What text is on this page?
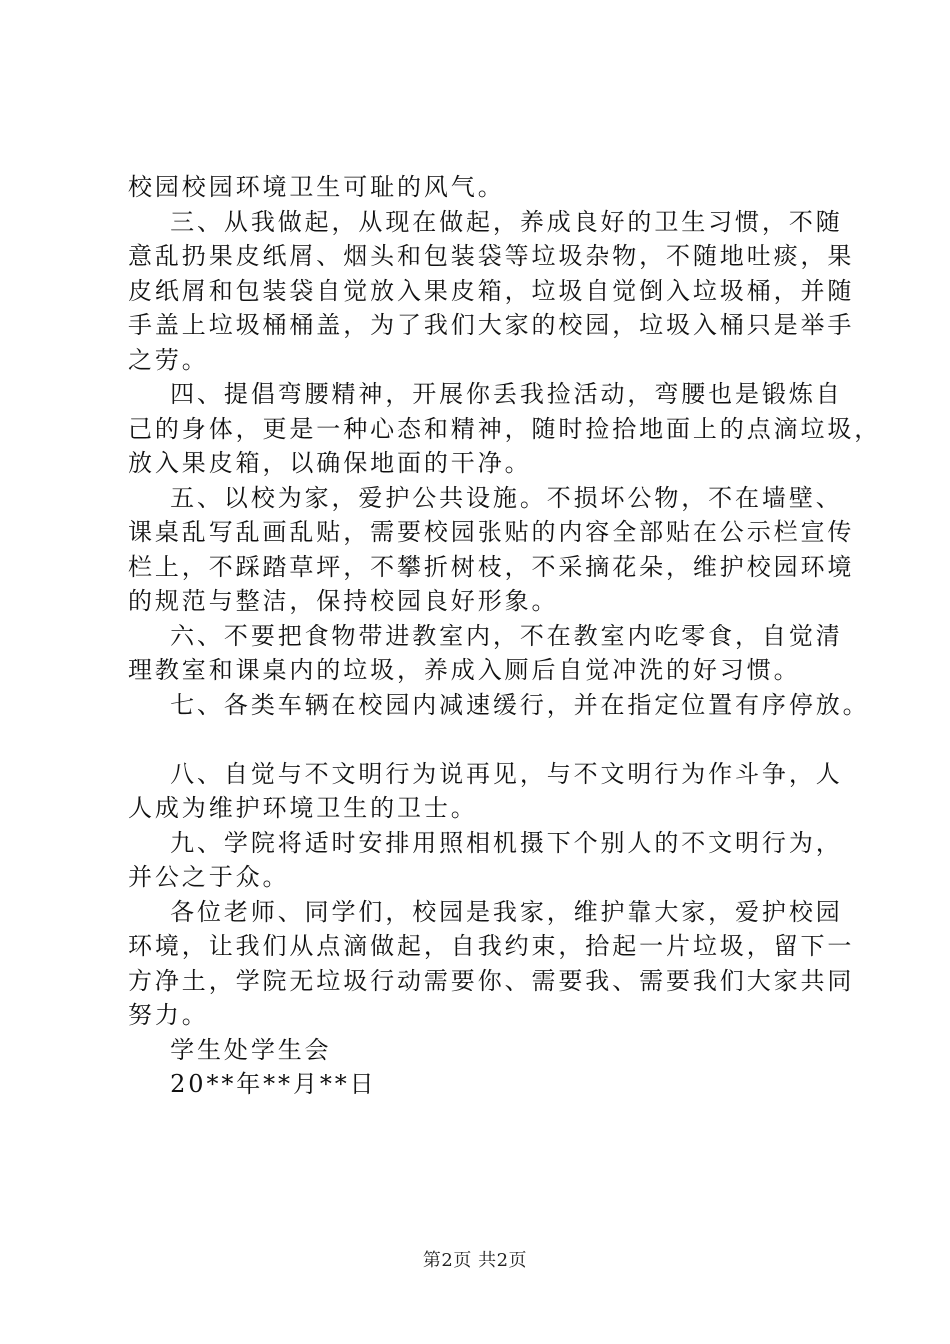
校园校园环境卫生可耻的风气。
三、从我做起，从现在做起，养成良好的卫生习惯，不随
意乱扔果皮纸屑、烟头和包装袋等垃圾杂物，不随地吐痰，果
皮纸屑和包装袋自觉放入果皮箱，垃圾自觉倒入垃圾桶，并随
手盖上垃圾桶桶盖，为了我们大家的校园，垃圾入桶只是举手
之劳。
四、提倡弯腰精神，开展你丢我捡活动，弯腰也是锻炼自
己的身体，更是一种心态和精神，随时捡拾地面上的点滴垃圾，
放入果皮箱，以确保地面的干净。
五、以校为家，爱护公共设施。不损坏公物，不在墙壁、
课桌乱写乱画乱贴，需要校园张贴的内容全部贴在公示栏宣传
栏上，不踩踏草坪，不攀折树枝，不采摘花朵，维护校园环境
的规范与整洁，保持校园良好形象。
六、不要把食物带进教室内，不在教室内吃零食，自觉清
理教室和课桌内的垃圾，养成入厕后自觉冲洗的好习惯。
七、各类车辆在校园内减速缓行，并在指定位置有序停放。
八、自觉与不文明行为说再见，与不文明行为作斗争，人
人成为维护环境卫生的卫士。
九、学院将适时安排用照相机摄下个别人的不文明行为，
并公之于众。
各位老师、同学们，校园是我家，维护靠大家，爱护校园
环境，让我们从点滴做起，自我约束，拾起一片垃圾，留下一
方净土，学院无垃圾行动需要你、需要我、需要我们大家共同
努力。
学生处学生会
20**年**月**日
第2页 共2页
